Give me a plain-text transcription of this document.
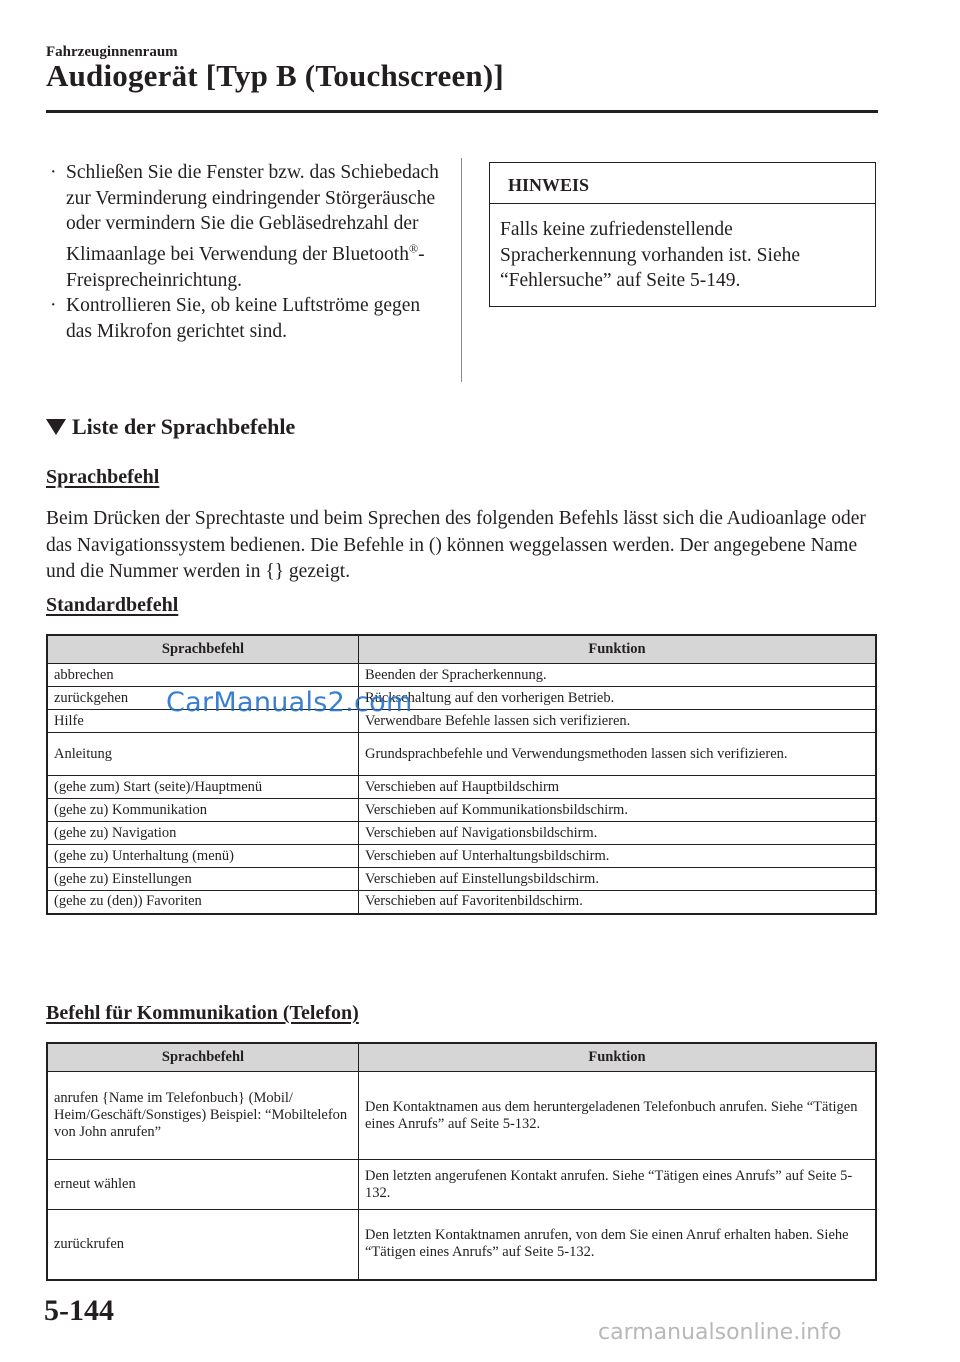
Fahrzeuginnenraum
Audiogerät [Typ B (Touchscreen)]
· Schließen Sie die Fenster bzw. das Schiebedach zur Verminderung eindringender Störgeräusche oder vermindern Sie die Gebläsedrehzahl der Klimaanlage bei Verwendung der Bluetooth®-Freisprecheinrichtung.
· Kontrollieren Sie, ob keine Luftströme gegen das Mikrofon gerichtet sind.
HINWEIS
Falls keine zufriedenstellende Spracherkennung vorhanden ist. Siehe “Fehlersuche” auf Seite 5-149.
Liste der Sprachbefehle
Sprachbefehl
Beim Drücken der Sprechtaste und beim Sprechen des folgenden Befehls lässt sich die Audioanlage oder das Navigationssystem bedienen. Die Befehle in () können weggelassen werden. Der angegebene Name und die Nummer werden in {} gezeigt.
Standardbefehl
Sprachbefehl	Funktion
abbrechen	Beenden der Spracherkennung.
zurückgehen	Rückschaltung auf den vorherigen Betrieb.
Hilfe	Verwendbare Befehle lassen sich verifizieren.
Anleitung	Grundsprachbefehle und Verwendungsmethoden lassen sich verifizieren.
(gehe zum) Start (seite)/Hauptmenü	Verschieben auf Hauptbildschirm
(gehe zu) Kommunikation	Verschieben auf Kommunikationsbildschirm.
(gehe zu) Navigation	Verschieben auf Navigationsbildschirm.
(gehe zu) Unterhaltung (menü)	Verschieben auf Unterhaltungsbildschirm.
(gehe zu) Einstellungen	Verschieben auf Einstellungsbildschirm.
(gehe zu (den)) Favoriten	Verschieben auf Favoritenbildschirm.
Befehl für Kommunikation (Telefon)
Sprachbefehl	Funktion
anrufen {Name im Telefonbuch} (Mobil/ Heim/Geschäft/Sonstiges) Beispiel: “Mobiltelefon von John anrufen”	Den Kontaktnamen aus dem heruntergeladenen Telefonbuch anrufen. Siehe “Tätigen eines Anrufs” auf Seite 5-132.
erneut wählen	Den letzten angerufenen Kontakt anrufen. Siehe “Tätigen eines Anrufs” auf Seite 5-132.
zurückrufen	Den letzten Kontaktnamen anrufen, von dem Sie einen Anruf erhalten haben. Siehe “Tätigen eines Anrufs” auf Seite 5-132.
CarManuals2.com
5-144
carmanualsonline.info
